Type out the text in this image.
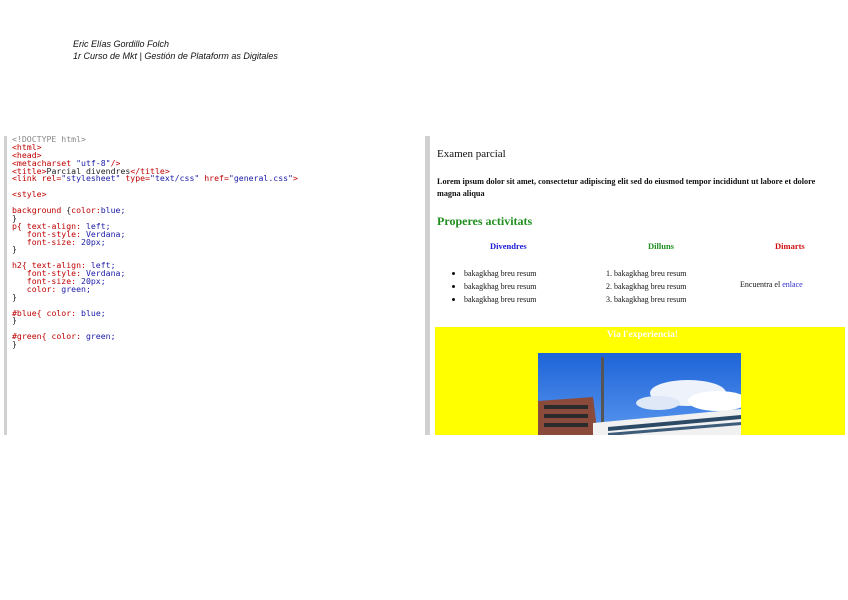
Eric Elías Gordillo Folch
1r Curso de Mkt | Gestión de Plataform as Digitales
<!DOCTYPE html>
<html>
<head>
<metacharset "utf-8"/>
<title>Parcial divendres</title>
<link rel="stylesheet" type="text/css" href="general.css">
<style>
background {color:blue;
}
p{ text-align: left;
font-style: Verdana;
font-size: 20px;
}
h2{ text-align: left;
font-style: Verdana;
font-size: 20px;
color: green;
}
#blue{ color: blue;
}
#green{ color: green;
}
Examen parcial
Lorem ipsum dolor sit amet, consectetur adipiscing elit sed do eiusmod tempor incididunt ut labore et dolore magna aliqua
Properes activitats
Divendres	Dilluns	Dimarts
bakagkhag breu resum
bakagkhag breu resum
bakagkhag breu resum
1. bakagkhag breu resum
2. bakagkhag breu resum
3. bakagkhag breu resum
Encuentra el enlace
Via l'experiencia!
